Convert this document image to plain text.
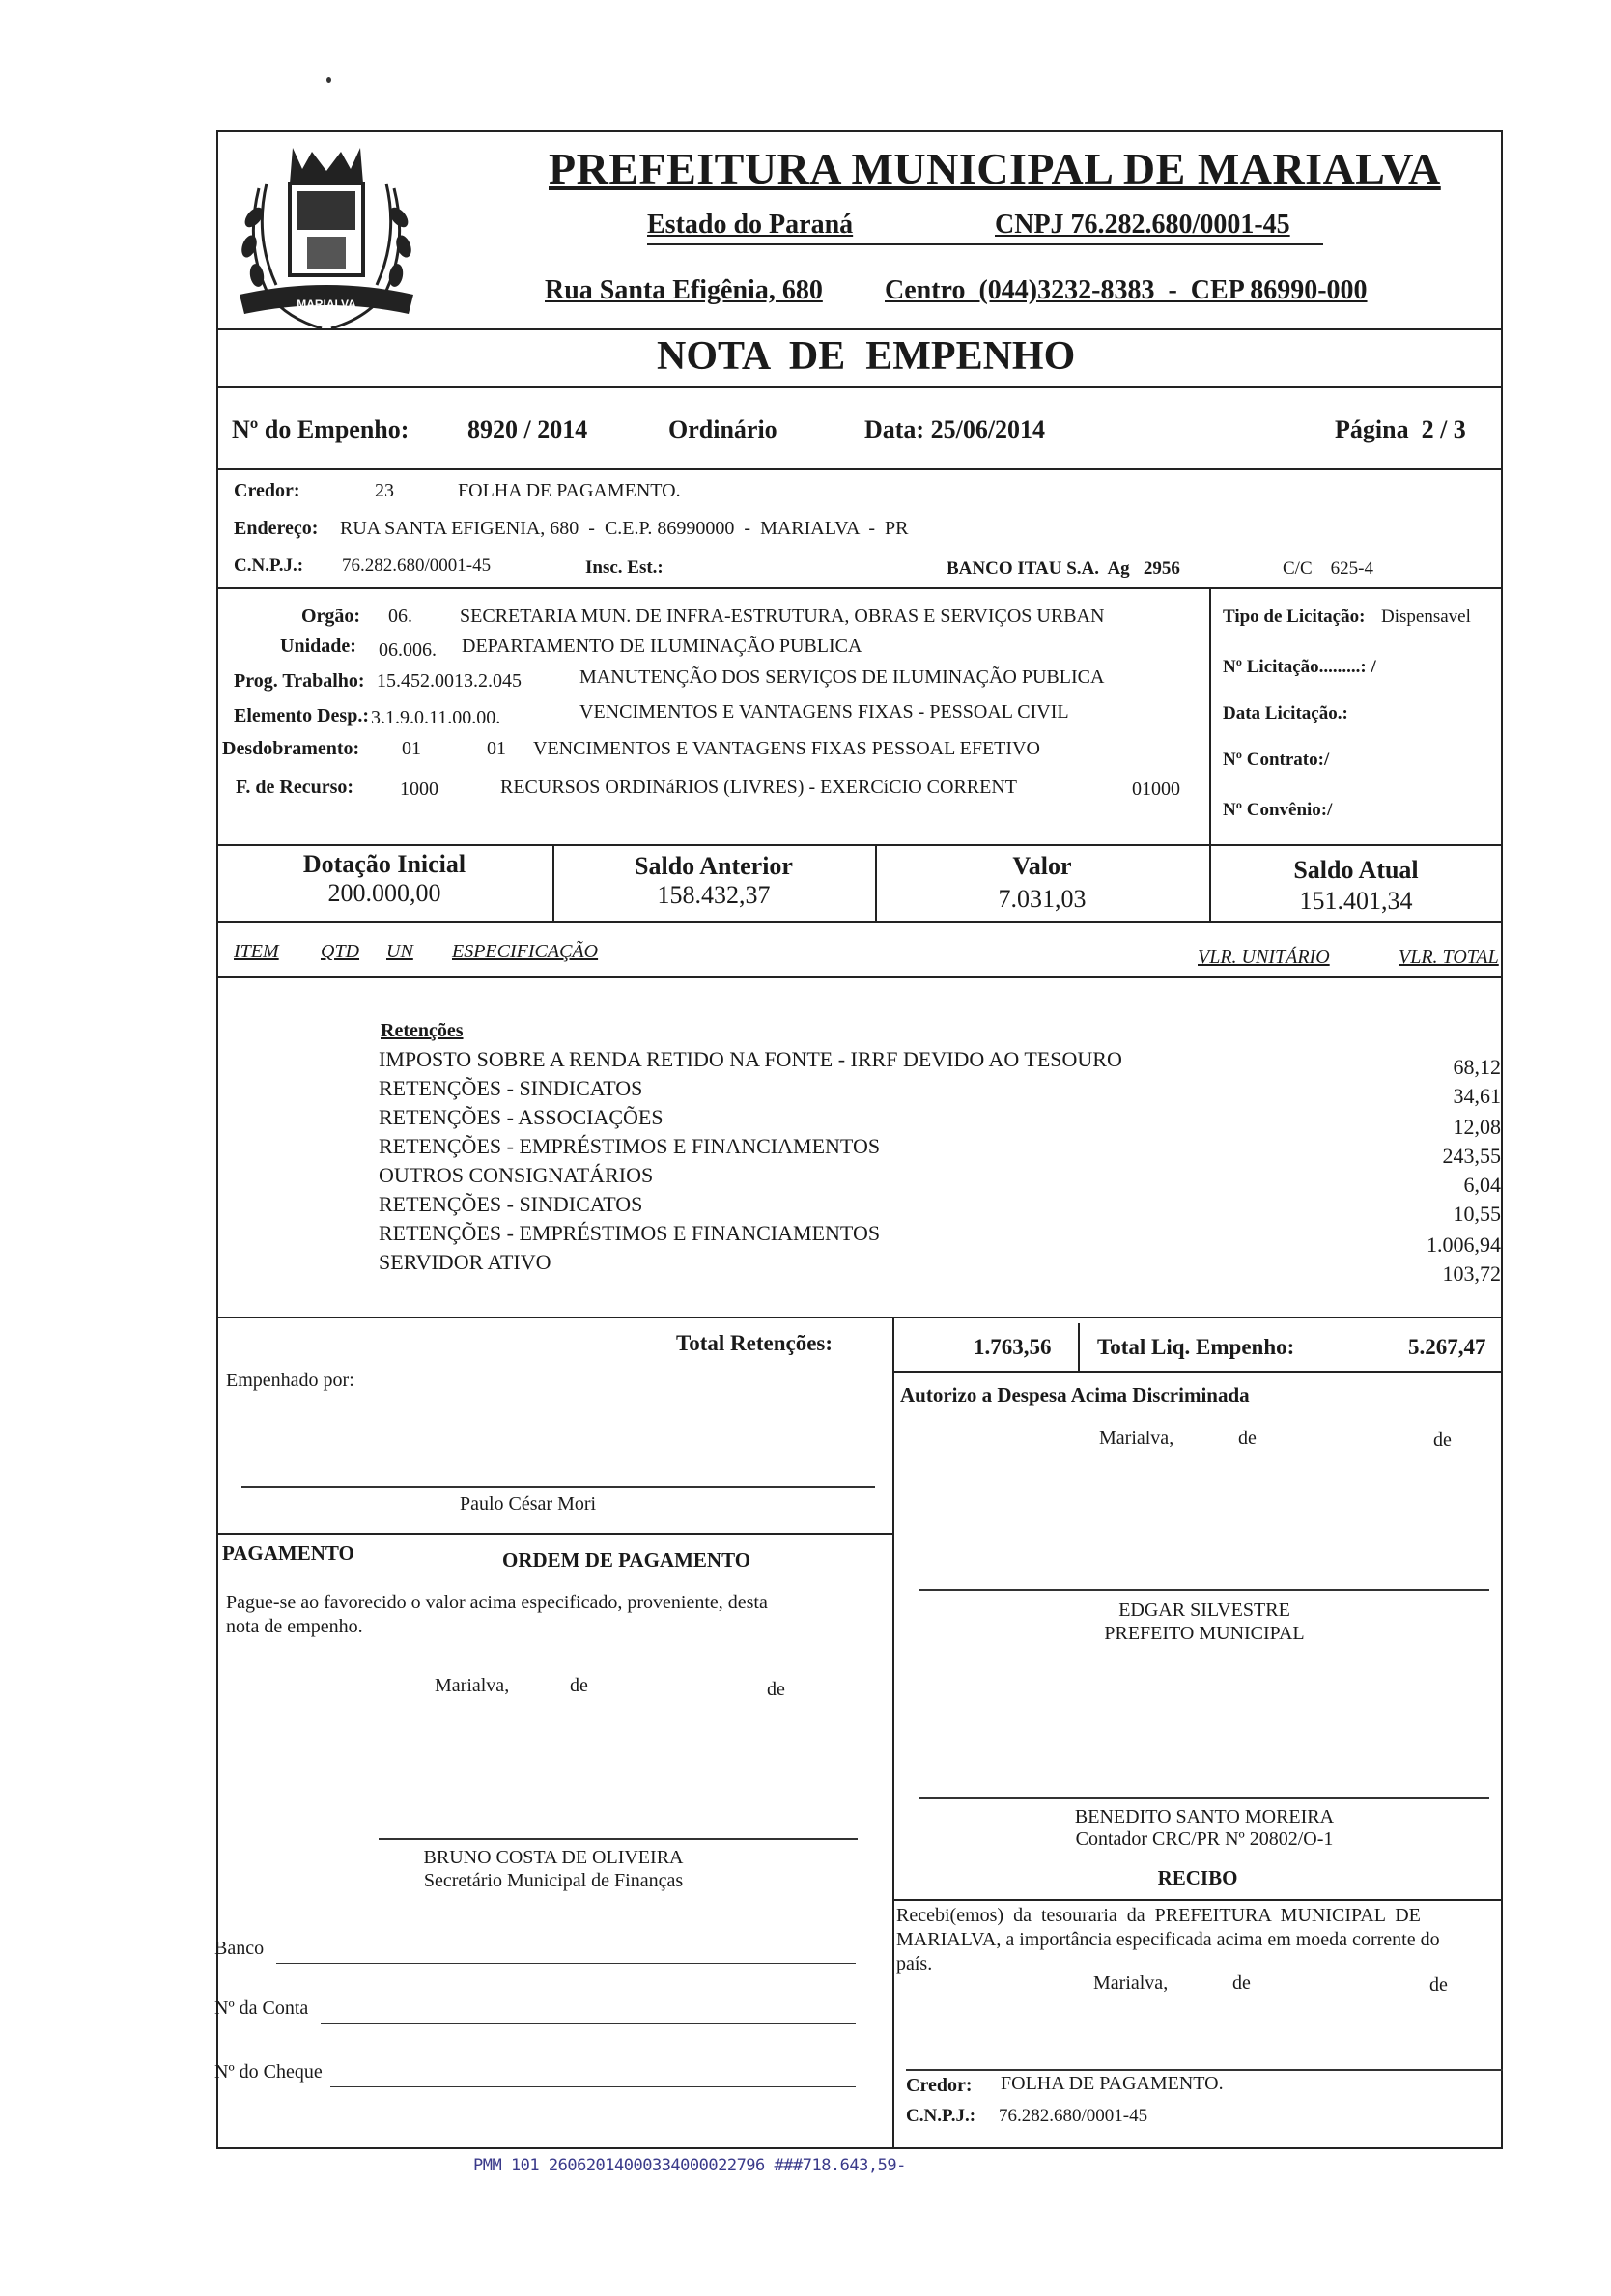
MARIALVA
PREFEITURA MUNICIPAL DE MARIALVA
Estado do Paraná	CNPJ 76.282.680/0001-45
Rua Santa Efigênia, 680 Centro  (044)3232-8383  -  CEP 86990-000
NOTA  DE  EMPENHO
Nº do Empenho: 8920 / 2014	Ordinário	Data: 25/06/2014	Página  2 / 3
Credor:	23	FOLHA DE PAGAMENTO.
Endereço: RUA SANTA EFIGENIA, 680  -  C.E.P. 86990000  -  MARIALVA  -  PR
C.N.P.J.: 76.282.680/0001-45	Insc. Est.:	BANCO ITAU S.A.  Ag   2956	C/C    625-4
Orgão: 06. SECRETARIA MUN. DE INFRA-ESTRUTURA, OBRAS E SERVIÇOS URBAN
Unidade: 06.006. DEPARTAMENTO DE ILUMINAÇÃO PUBLICA
Prog. Trabalho: 15.452.0013.2.045	MANUTENÇÃO DOS SERVIÇOS DE ILUMINAÇÃO PUBLICA
Elemento Desp.: 3.1.9.0.11.00.00.	VENCIMENTOS E VANTAGENS FIXAS - PESSOAL CIVIL
Desdobramento: 01	01 VENCIMENTOS E VANTAGENS FIXAS PESSOAL EFETIVO
F. de Recurso: 1000	RECURSOS ORDINáRIOS (LIVRES) - EXERCíCIO CORRENT	01000
Tipo de Licitação: Dispensavel
Nº Licitação.........: /
Data Licitação.:
Nº Contrato:/
Nº Convênio:/
Dotação Inicial
200.000,00
Saldo Anterior
158.432,37
Valor
7.031,03
Saldo Atual
151.401,34
ITEM QTD UN ESPECIFICAÇÃO	VLR. UNITÁRIO	VLR. TOTAL
Retenções
IMPOSTO SOBRE A RENDA RETIDO NA FONTE - IRRF DEVIDO AO TESOURO	68,12
RETENÇÕES - SINDICATOS	34,61
RETENÇÕES - ASSOCIAÇÕES	12,08
RETENÇÕES - EMPRÉSTIMOS E FINANCIAMENTOS	243,55
OUTROS CONSIGNATÁRIOS	6,04
RETENÇÕES - SINDICATOS	10,55
RETENÇÕES - EMPRÉSTIMOS E FINANCIAMENTOS	1.006,94
SERVIDOR ATIVO	103,72
Total Retenções:	1.763,56 Total Liq. Empenho:	5.267,47
Empenhado por:
Autorizo a Despesa Acima Discriminada
Marialva,	de	de
Paulo César Mori
PAGAMENTO	ORDEM DE PAGAMENTO
Pague-se ao favorecido o valor acima especificado, proveniente, desta
nota de empenho.
Marialva,	de	de
EDGAR SILVESTRE
PREFEITO MUNICIPAL
BENEDITO SANTO MOREIRA
Contador CRC/PR Nº 20802/O-1
BRUNO COSTA DE OLIVEIRA
Secretário Municipal de Finanças	RECIBO
Recebi(emos)  da  tesouraria  da  PREFEITURA  MUNICIPAL  DE
MARIALVA, a importância especificada acima em moeda corrente do
país.
Marialva,	de	de
Banco
Nº da Conta
Nº do Cheque
Credor: FOLHA DE PAGAMENTO.
C.N.P.J.: 76.282.680/0001-45
PMM 101 26062014000334000022796 ###718.643,59-
